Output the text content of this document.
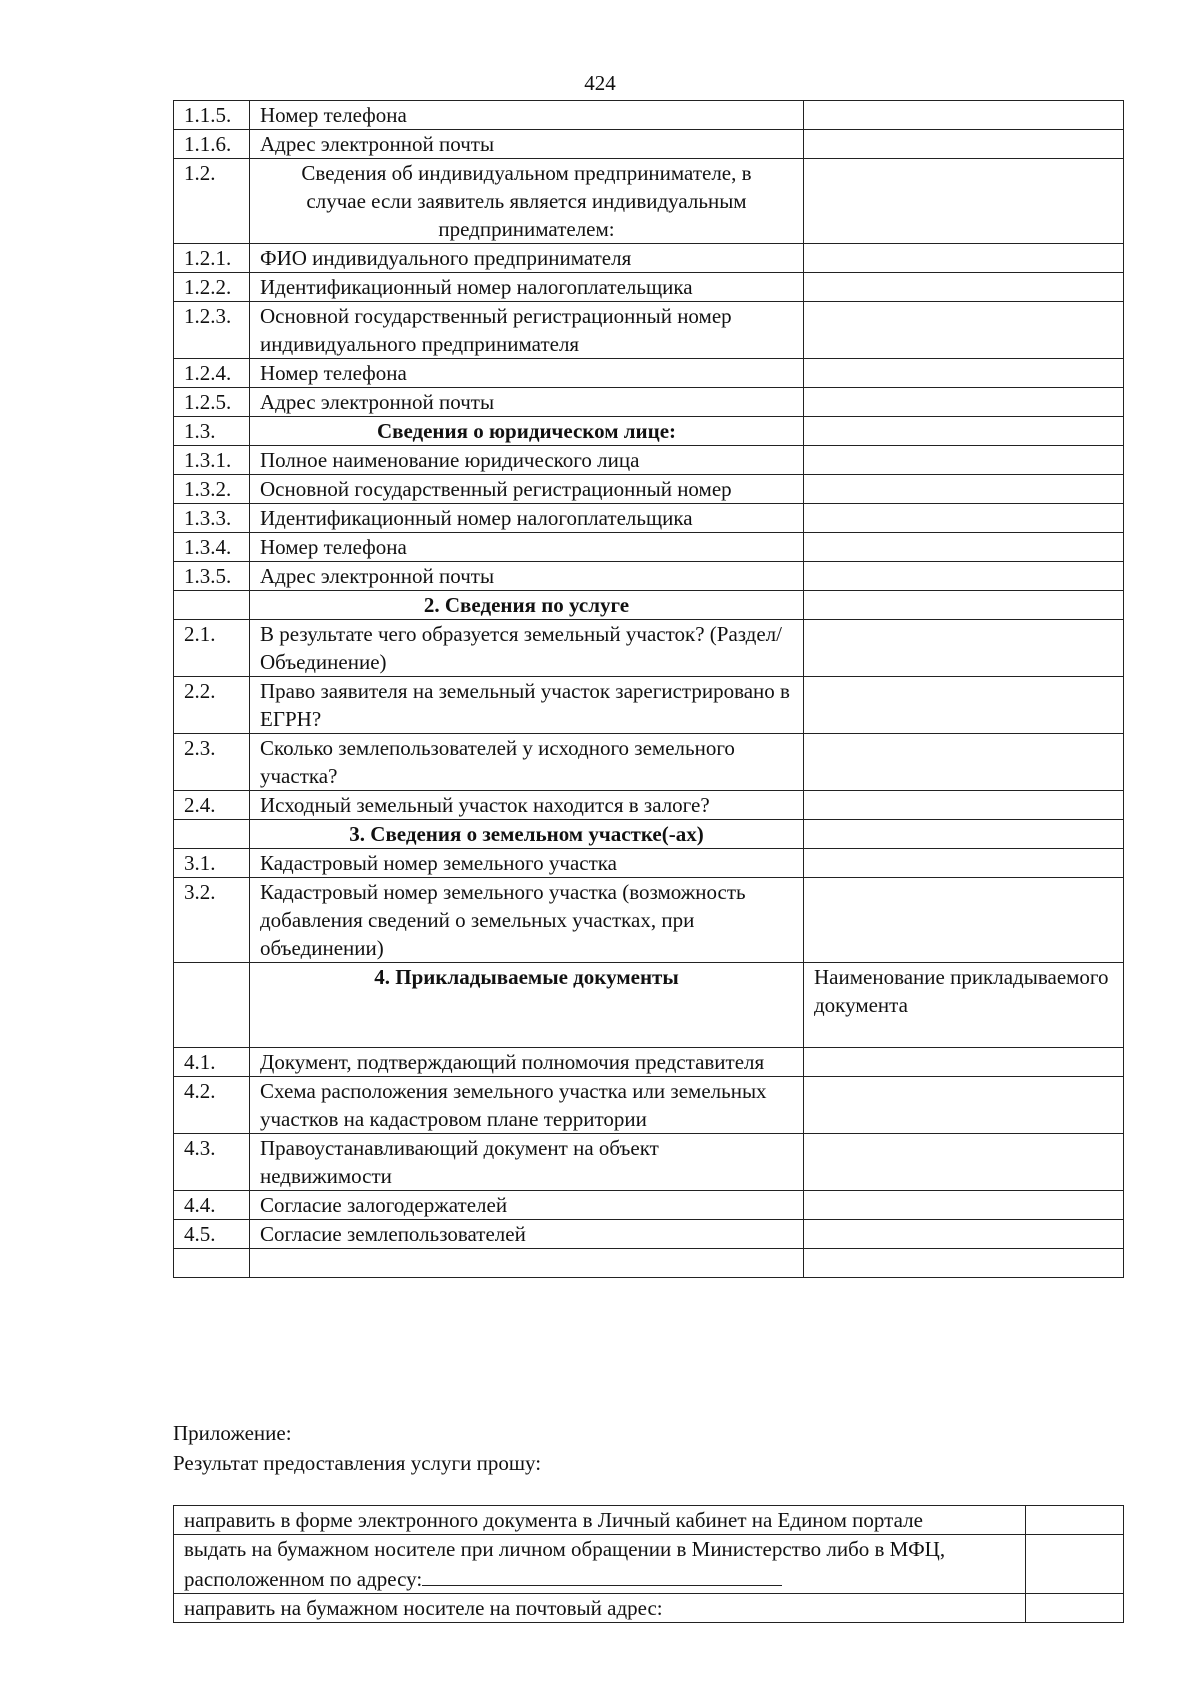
424
1.1.5.	Номер телефона	
1.1.6.	Адрес электронной почты	
1.2.	Сведения об индивидуальном предпринимателе, в случае если заявитель является индивидуальным предпринимателем:	
1.2.1.	ФИО индивидуального предпринимателя	
1.2.2.	Идентификационный номер налогоплательщика	
1.2.3.	Основной государственный регистрационный номер индивидуального предпринимателя	
1.2.4.	Номер телефона	
1.2.5.	Адрес электронной почты	
1.3.	Сведения о юридическом лице:	
1.3.1.	Полное наименование юридического лица	
1.3.2.	Основной государственный регистрационный номер	
1.3.3.	Идентификационный номер налогоплательщика	
1.3.4.	Номер телефона	
1.3.5.	Адрес электронной почты	
	2. Сведения по услуге	
2.1.	В результате чего образуется земельный участок? (Раздел/Объединение)	
2.2.	Право заявителя на земельный участок зарегистрировано в ЕГРН?	
2.3.	Сколько землепользователей у исходного земельного участка?	
2.4.	Исходный земельный участок находится в залоге?	
	3. Сведения о земельном участке(-ах)	
3.1.	Кадастровый номер земельного участка	
3.2.	Кадастровый номер земельного участка (возможность добавления сведений о земельных участках, при объединении)	
	4. Прикладываемые документы	Наименование прикладываемого документа
4.1.	Документ, подтверждающий полномочия представителя	
4.2.	Схема расположения земельного участка или земельных участков на кадастровом плане территории	
4.3.	Правоустанавливающий документ на объект недвижимости	
4.4.	Согласие залогодержателей	
4.5.	Согласие землепользователей	

Приложение:
Результат предоставления услуги прошу:
направить в форме электронного документа в Личный кабинет на Едином портале	
выдать на бумажном носителе при личном обращении в Министерство либо в МФЦ, расположенном по адресу:	
направить на бумажном носителе на почтовый адрес:	
